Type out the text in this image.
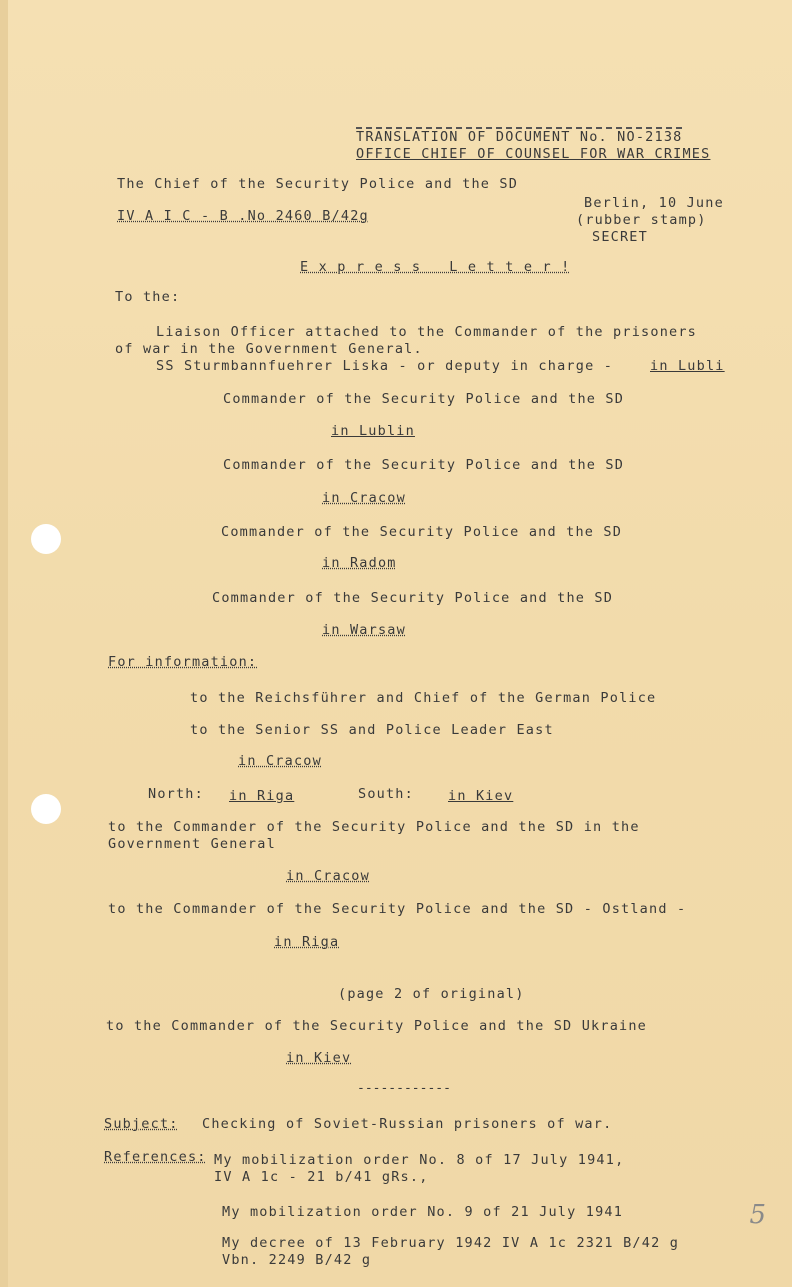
TRANSLATION OF DOCUMENT No. NO-2138
OFFICE CHIEF OF COUNSEL FOR WAR CRIMES
The Chief of the Security Police and the SD
IV A I C - B .No 2460 B/42g
Berlin, 10 June
(rubber stamp)
SECRET
E x p r e s s   L e t t e r !
To the:
Liaison Officer attached to the Commander of the prisoners
of war in the Government General.
SS Sturmbannfuehrer Liska - or deputy in charge -	in Lubli
Commander of the Security Police and the SD
in Lublin
Commander of the Security Police and the SD
in Cracow
Commander of the Security Police and the SD
in Radom
Commander of the Security Police and the SD
in Warsaw
For information:
to the Reichsführer and Chief of the German Police
to the Senior SS and Police Leader East
in Cracow
North: in Riga	South:	in Kiev
to the Commander of the Security Police and the SD in the
Government General
in Cracow
to the Commander of the Security Police and the SD - Ostland -
in Riga
(page 2 of original)
to the Commander of the Security Police and the SD Ukraine
in Kiev
------------
Subject: Checking of Soviet-Russian prisoners of war.
References: My mobilization order No. 8 of 17 July 1941,
IV A 1c - 21 b/41 gRs.,
My mobilization order No. 9 of 21 July 1941
My decree of 13 February 1942 IV A 1c 2321 B/42 g
Vbn. 2249 B/42 g
5
